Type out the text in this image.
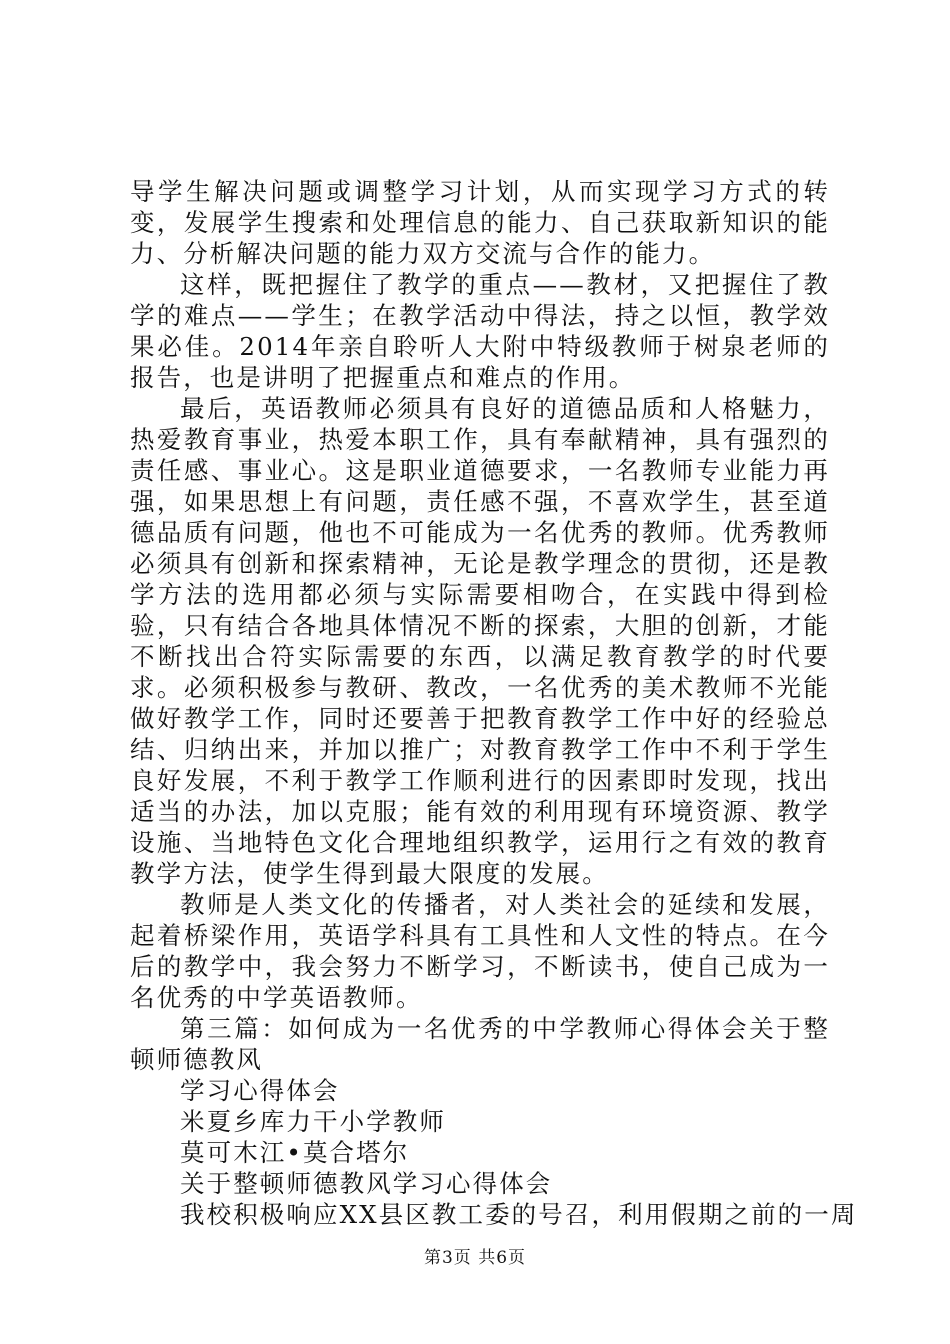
导学生解决问题或调整学习计划，从而实现学习方式的转变，发展学生搜索和处理信息的能力、自己获取新知识的能力、分析解决问题的能力双方交流与合作的能力。

这样，既把握住了教学的重点——教材，又把握住了教学的难点——学生；在教学活动中得法，持之以恒，教学效果必佳。2014年亲自聆听人大附中特级教师于树泉老师的报告，也是讲明了把握重点和难点的作用。

最后，英语教师必须具有良好的道德品质和人格魅力，热爱教育事业，热爱本职工作，具有奉献精神，具有强烈的责任感、事业心。这是职业道德要求，一名教师专业能力再强，如果思想上有问题，责任感不强，不喜欢学生，甚至道德品质有问题，他也不可能成为一名优秀的教师。优秀教师必须具有创新和探索精神，无论是教学理念的贯彻，还是教学方法的选用都必须与实际需要相吻合，在实践中得到检验，只有结合各地具体情况不断的探索，大胆的创新，才能不断找出合符实际需要的东西，以满足教育教学的时代要求。必须积极参与教研、教改，一名优秀的美术教师不光能做好教学工作，同时还要善于把教育教学工作中好的经验总结、归纳出来，并加以推广；对教育教学工作中不利于学生良好发展，不利于教学工作顺利进行的因素即时发现，找出适当的办法，加以克服；能有效的利用现有环境资源、教学设施、当地特色文化合理地组织教学，运用行之有效的教育教学方法，使学生得到最大限度的发展。

教师是人类文化的传播者，对人类社会的延续和发展，起着桥梁作用，英语学科具有工具性和人文性的特点。在今后的教学中，我会努力不断学习，不断读书，使自己成为一名优秀的中学英语教师。

第三篇：如何成为一名优秀的中学教师心得体会关于整顿师德教风

学习心得体会

米夏乡库力干小学教师

莫可木江•莫合塔尔

关于整顿师德教风学习心得体会

我校积极响应XX县区教工委的号召，利用假期之前的一周

第3页 共6页
